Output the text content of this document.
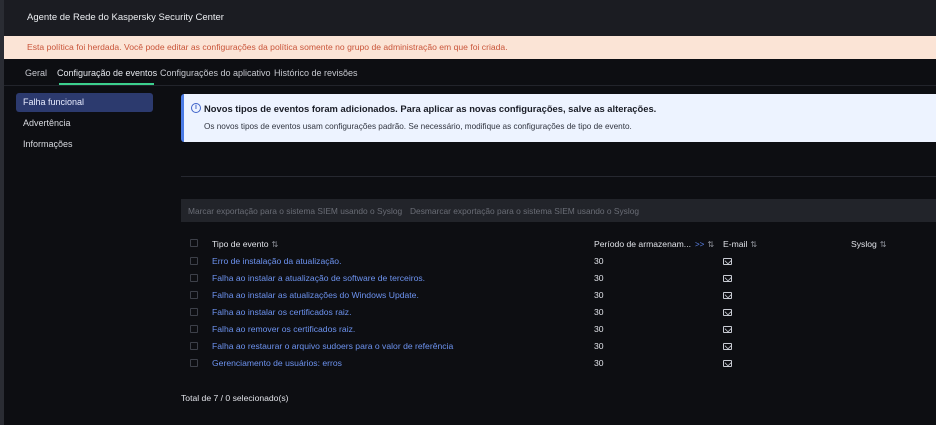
Agente de Rede do Kaspersky Security Center
Esta política foi herdada. Você pode editar as configurações da política somente no grupo de administração em que foi criada.
Geral Configuração de eventos Configurações do aplicativo Histórico de revisões
Falha funcional
Advertência
Informações
i Novos tipos de eventos foram adicionados. Para aplicar as novas configurações, salve as alterações.
Os novos tipos de eventos usam configurações padrão. Se necessário, modifique as configurações de tipo de evento.
Marcar exportação para o sistema SIEM usando o Syslog Desmarcar exportação para o sistema SIEM usando o Syslog
Tipo de evento ⇅	Período de armazenam... >> ⇅ E-mail ⇅	Syslog ⇅
Erro de instalação da atualização.	30
Falha ao instalar a atualização de software de terceiros.	30
Falha ao instalar as atualizações do Windows Update.	30
Falha ao instalar os certificados raiz.	30
Falha ao remover os certificados raiz.	30
Falha ao restaurar o arquivo sudoers para o valor de referência	30
Gerenciamento de usuários: erros	30
Total de 7 / 0 selecionado(s)
